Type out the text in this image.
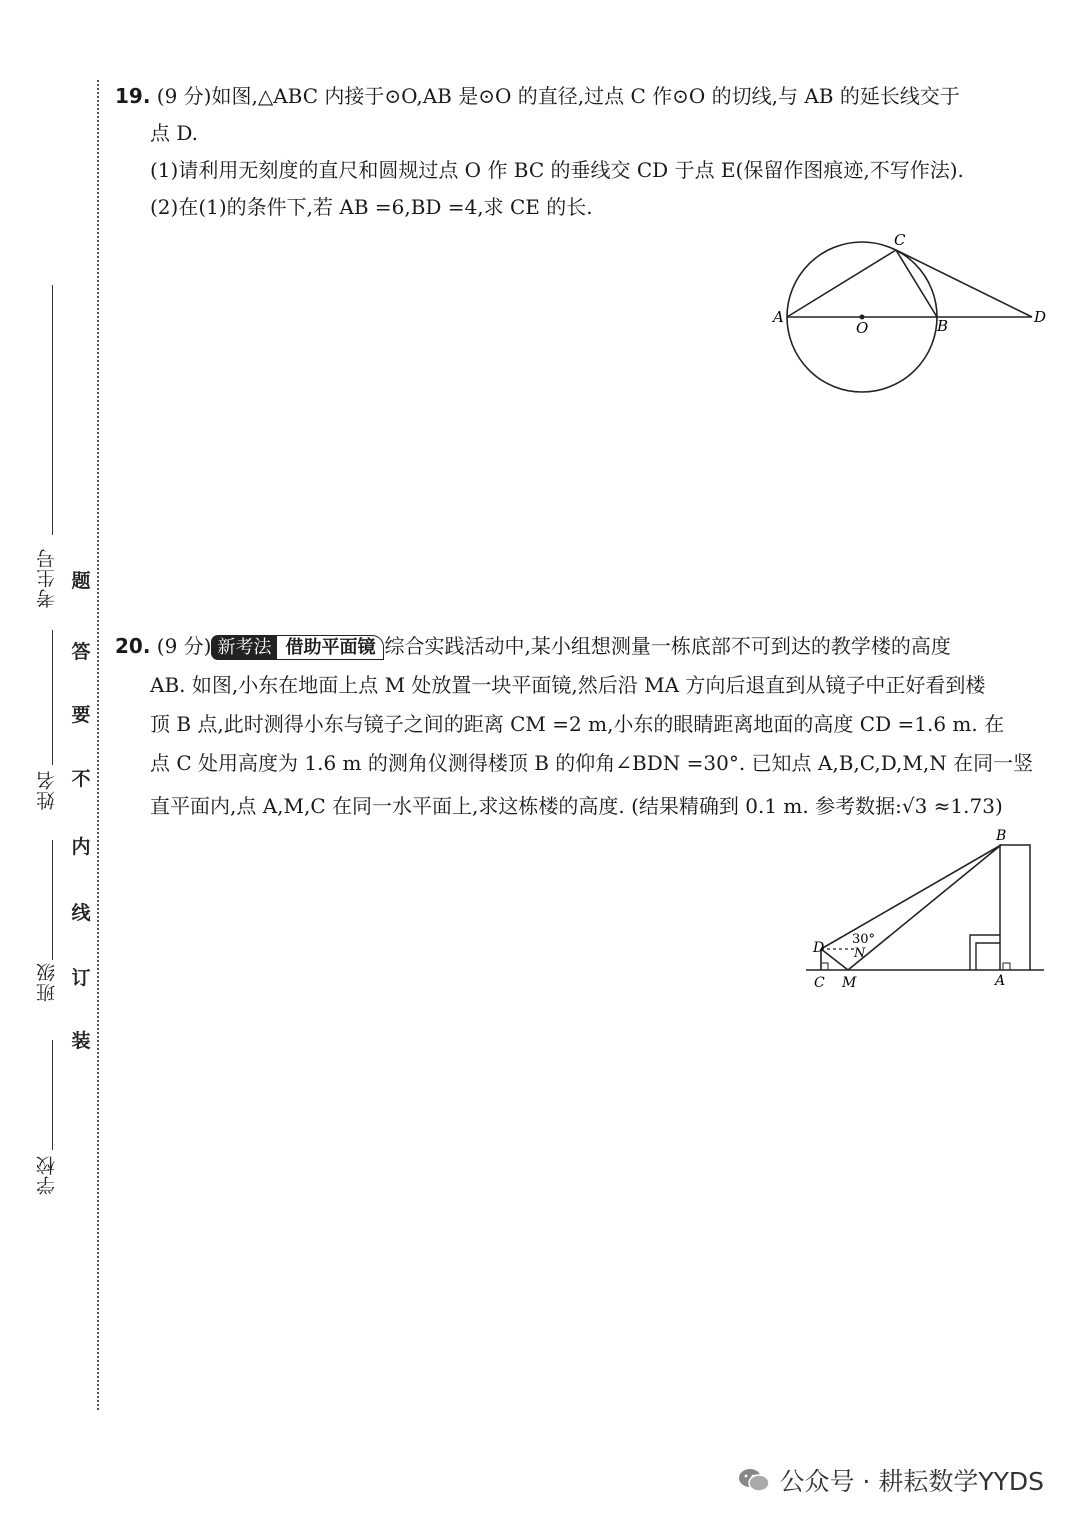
考生号
姓名
班级
学校
题
答
要
不
内
线
订
装
19. (9 分)如图,△ABC 内接于⊙O,AB 是⊙O 的直径,过点 C 作⊙O 的切线,与 AB 的延长线交于
点 D.
(1)请利用无刻度的直尺和圆规过点 O 作 BC 的垂线交 CD 于点 E(保留作图痕迹,不写作法).
(2)在(1)的条件下,若 AB =6,BD =4,求 CE 的长.
A
O	B
C
D
20. (9 分) 新考法 借助平面镜 综合实践活动中,某小组想测量一栋底部不可到达的教学楼的高度
AB. 如图,小东在地面上点 M 处放置一块平面镜,然后沿 MA 方向后退直到从镜子中正好看到楼
顶 B 点,此时测得小东与镜子之间的距离 CM =2 m,小东的眼睛距离地面的高度 CD =1.6 m. 在
点 C 处用高度为 1.6 m 的测角仪测得楼顶 B 的仰角∠BDN =30°. 已知点 A,B,C,D,M,N 在同一竖
直平面内,点 A,M,C 在同一水平面上,求这栋楼的高度. (结果精确到 0.1 m. 参考数据:√3 ≈1.73)
D
C M
N
30°
B
A
公众号 · 耕耘数学YYDS
